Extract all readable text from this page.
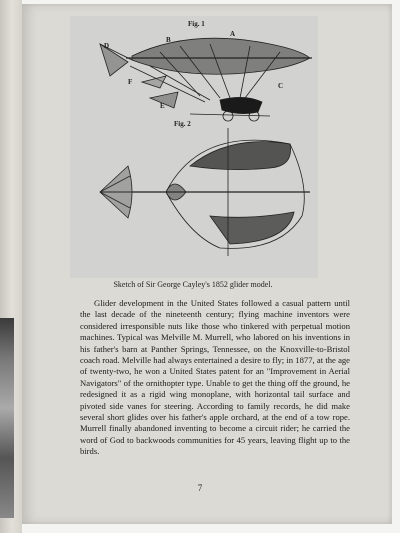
Fig. 1
Fig. 2
A
B
C
D
E
F
Sketch of Sir George Cayley's 1852 glider model.

Glider development in the United States followed a casual pattern until the last decade of the nineteenth century; flying machine inventors were considered irresponsible nuts like those who tinkered with perpetual motion machines. Typical was Melville M. Murrell, who labored on his inventions in his father's barn at Panther Springs, Tennessee, on the Knoxville-to-Bristol coach road. Melville had always entertained a desire to fly; in 1877, at the age of twenty-two, he won a United States patent for an "Improvement in Aerial Navigators" of the ornithopter type. Unable to get the thing off the ground, he redesigned it as a rigid wing monoplane, with horizontal tail surface and pivoted side vanes for steering. According to family records, he did make several short glides over his father's apple orchard, at the end of a tow rope. Murrell finally abandoned inventing to become a circuit rider; he carried the word of God to backwoods communities for 45 years, leaving flight up to the birds.

7
